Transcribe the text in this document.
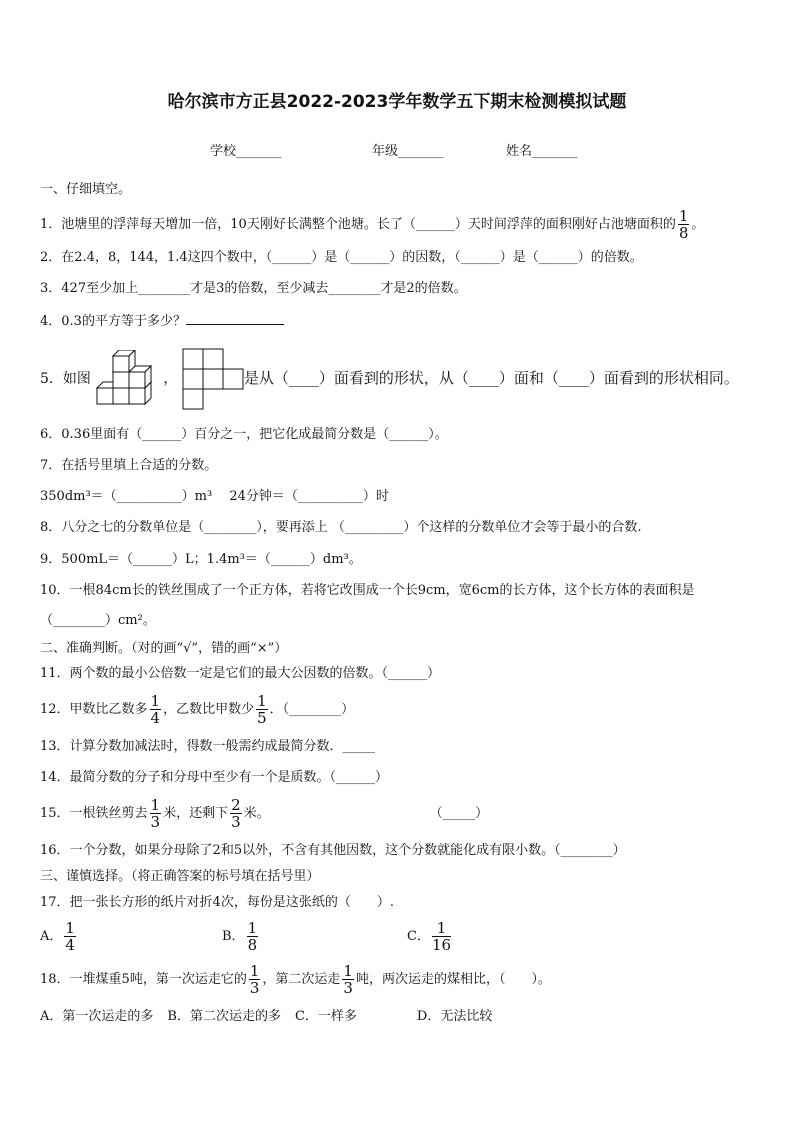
哈尔滨市方正县2022-2023学年数学五下期末检测模拟试题
学校_______	年级_______	姓名_______
一、仔细填空。
1．池塘里的浮萍每天增加一倍，10天刚好长满整个池塘。长了（______）天时间浮萍的面积刚好占池塘面积的 $\frac{1}{8}$ 。
2．在2.4，8，144，1.4这四个数中，（______）是（______）的因数，（______）是（______）的倍数。
3．427至少加上________才是3的倍数，至少减去________才是2的倍数。
4．0.3的平方等于多少？
5．如图	，	是从（____）面看到的形状，从（____）面和（____）面看到的形状相同。
6．0.36里面有（______）百分之一，把它化成最简分数是（______）。
7．在括号里填上合适的分数。
350dm³＝（__________）m³　 24分钟＝（__________）时
8．八分之七的分数单位是（________），要再添上 （_________）个这样的分数单位才会等于最小的合数.
9．500mL＝（______）L；1.4m³＝（______）dm³。
10．一根84cm长的铁丝围成了一个正方体，若将它改围成一个长9cm，宽6cm的长方体，这个长方体的表面积是
（________）cm²。
二、准确判断。（对的画“√”，错的画“×”）
11．两个数的最小公倍数一定是它们的最大公因数的倍数。（______）
12．甲数比乙数多 $\frac{1}{4}$ ，乙数比甲数少 $\frac{1}{5}$ ．（________）
13．计算分数加减法时，得数一般需约成最简分数．_____
14．最简分数的分子和分母中至少有一个是质数。（______）
15．一根铁丝剪去 $\frac{1}{3}$ 米，还剩下 $\frac{2}{3}$ 米。	（_____）
16．一个分数，如果分母除了2和5以外，不含有其他因数，这个分数就能化成有限小数。（________）
三、谨慎选择。（将正确答案的标号填在括号里）
17．把一张长方形的纸片对折4次，每份是这张纸的（　　）.
A． $\frac{1}{4}$	B． $\frac{1}{8}$	C． $\frac{1}{16}$
18．一堆煤重5吨，第一次运走它的 $\frac{1}{3}$ ，第二次运走 $\frac{1}{3}$ 吨，两次运走的煤相比，（　　）。
A．第一次运走的多 B．第二次运走的多 C．一样多	D．无法比较
